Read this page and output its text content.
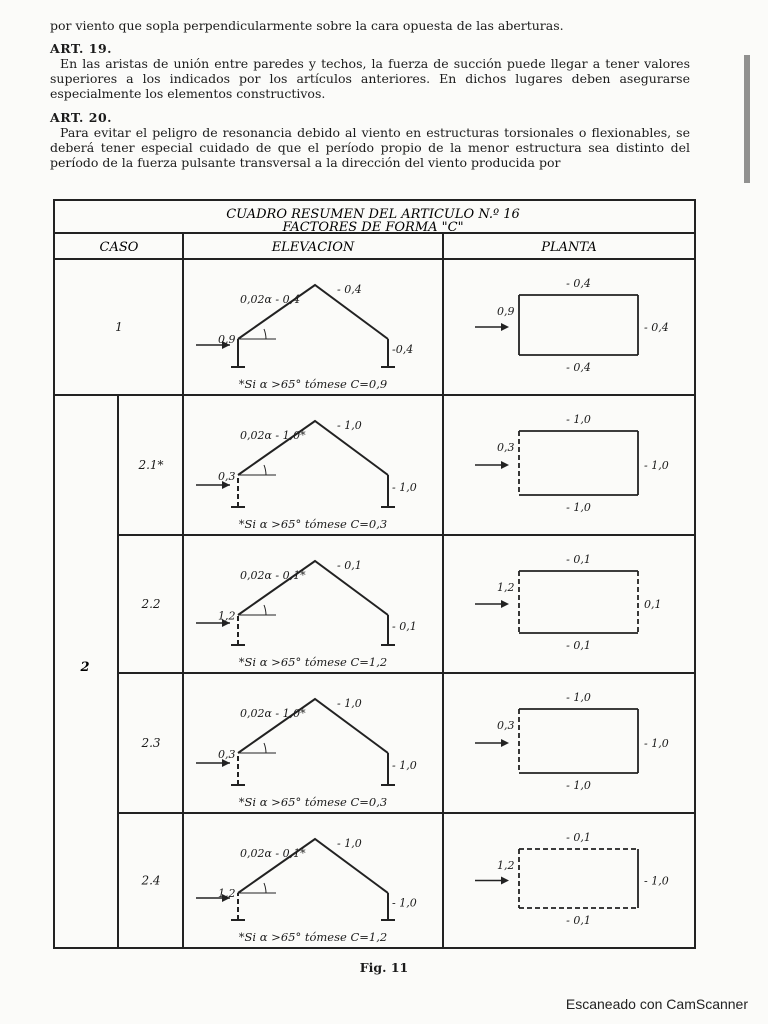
por viento que sopla perpendicularmente sobre la cara opuesta de las aberturas.

ART. 19.

En las aristas de unión entre paredes y techos, la fuerza de succión puede llegar a tener valores superiores a los indicados por los artículos anteriores. En dichos lugares deben asegurarse especialmente los elementos constructivos.

ART. 20.

Para evitar el peligro de resonancia debido al viento en estructuras torsionales o flexionables, se deberá tener especial cuidado de que el período propio de la menor estructura sea distinto del período de la fuerza pulsante transversal a la dirección del viento producida por

CUADRO RESUMEN DEL ARTICULO N.º 16
FACTORES DE FORMA "C"
CASO	ELEVACION	PLANTA
2
1
0,02α - 0,4
- 0,4
0,9
-0,4
*Si α >65° tómese C=0,9
- 0,4
- 0,4
0,9
- 0,4
2.1*
0,02α - 1,0*
- 1,0
0,3
- 1,0
*Si α >65° tómese C=0,3
- 1,0
- 1,0
0,3
- 1,0
2.2
0,02α - 0,1*
- 0,1
1,2
- 0,1
*Si α >65° tómese C=1,2
- 0,1
- 0,1
1,2
0,1
2.3
0,02α - 1,0*
- 1,0
0,3
- 1,0
*Si α >65° tómese C=0,3
- 1,0
- 1,0
0,3
- 1,0
2.4
0,02α - 0,1*
- 1,0
1,2
- 1,0
*Si α >65° tómese C=1,2
- 0,1
- 0,1
1,2
- 1,0
Fig. 11
Escaneado con CamScanner
